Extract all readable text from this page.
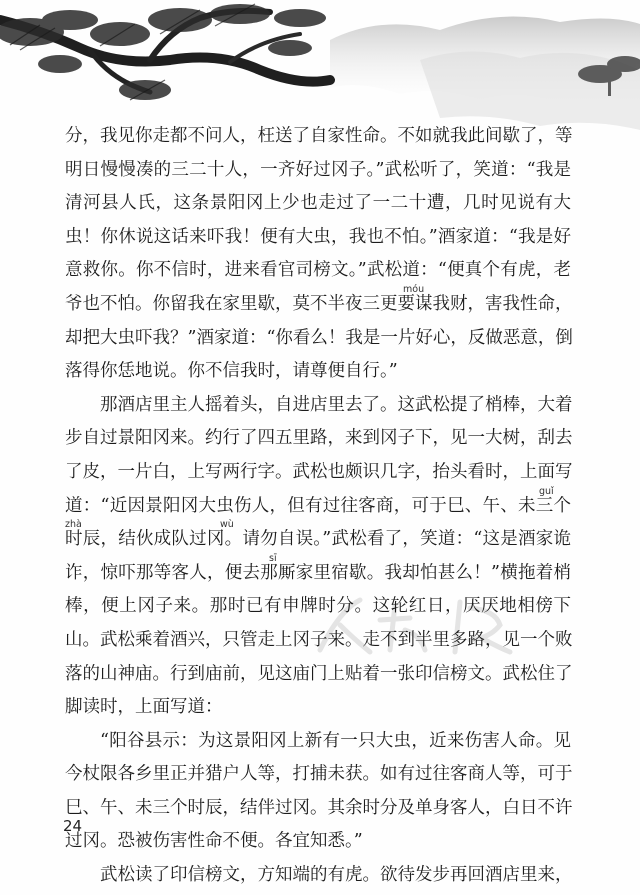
分，我见你走都不问人，枉送了自家性命。不如就我此间歇了，等
明日慢慢凑的三二十人，一齐好过冈子。”武松听了，笑道：“我是
清河县人氏，这条景阳冈上少也走过了一二十遭，几时见说有大
虫！你休说这话来吓我！便有大虫，我也不怕。”酒家道：“我是好
意救你。你不信时，进来看官司榜文。”武松道：“便真个有虎，老
móu
爷也不怕。你留我在家里歇，莫不半夜三更要谋我财，害我性命，
却把大虫吓我？”酒家道：“你看么！我是一片好心，反做恶意，倒
落得你恁地说。你不信我时，请尊便自行。”
那酒店里主人摇着头，自进店里去了。这武松提了梢棒，大着
步自过景阳冈来。约行了四五里路，来到冈子下，见一大树，刮去
了皮，一片白，上写两行字。武松也颇识几字，抬头看时，上面写
guǐ
道：“近因景阳冈大虫伤人，但有过往客商，可于巳、午、未三个
zhà	wù
时辰，结伙成队过冈。请勿自误。”武松看了，笑道：“这是酒家诡
sī
诈，惊吓那等客人，便去那厮家里宿歇。我却怕甚么！”横拖着梢
棒，便上冈子来。那时已有申牌时分。这轮红日，厌厌地相傍下
山。武松乘着酒兴，只管走上冈子来。走不到半里多路，见一个败
落的山神庙。行到庙前，见这庙门上贴着一张印信榜文。武松住了
脚读时，上面写道：
“阳谷县示：为这景阳冈上新有一只大虫，近来伤害人命。见
今杖限各乡里正并猎户人等，打捕未获。如有过往客商人等，可于
巳、午、未三个时辰，结伴过冈。其余时分及单身客人，白日不许
过冈。恐被伤害性命不便。各宜知悉。”
武松读了印信榜文，方知端的有虎。欲待发步再回酒店里来，
24
